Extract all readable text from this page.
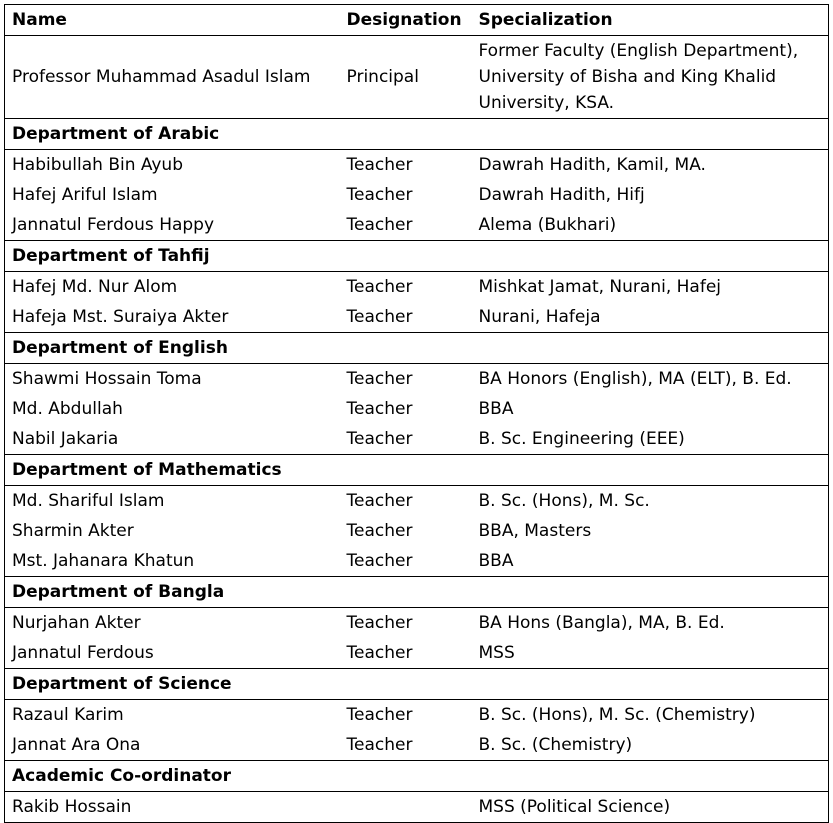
Name	Designation	Specialization
Professor Muhammad Asadul Islam	Principal	Former Faculty (English Department), University of Bisha and King Khalid University, KSA.
Department of Arabic		
Habibullah Bin Ayub	Teacher	Dawrah Hadith, Kamil, MA.
Hafej Ariful Islam	Teacher	Dawrah Hadith, Hifj
Jannatul Ferdous Happy	Teacher	Alema (Bukhari)
Department of Tahfij		
Hafej Md. Nur Alom	Teacher	Mishkat Jamat, Nurani, Hafej
Hafeja Mst. Suraiya Akter	Teacher	Nurani, Hafeja
Department of English		
Shawmi Hossain Toma	Teacher	BA Honors (English), MA (ELT), B. Ed.
Md. Abdullah	Teacher	BBA
Nabil Jakaria	Teacher	B. Sc. Engineering (EEE)
Department of Mathematics		
Md. Shariful Islam	Teacher	B. Sc. (Hons), M. Sc.
Sharmin Akter	Teacher	BBA, Masters
Mst. Jahanara Khatun	Teacher	BBA
Department of Bangla		
Nurjahan Akter	Teacher	BA Hons (Bangla), MA, B. Ed.
Jannatul Ferdous	Teacher	MSS
Department of Science		
Razaul Karim	Teacher	B. Sc. (Hons), M. Sc. (Chemistry)
Jannat Ara Ona	Teacher	B. Sc. (Chemistry)
Academic Co-ordinator		
Rakib Hossain		MSS (Political Science)
